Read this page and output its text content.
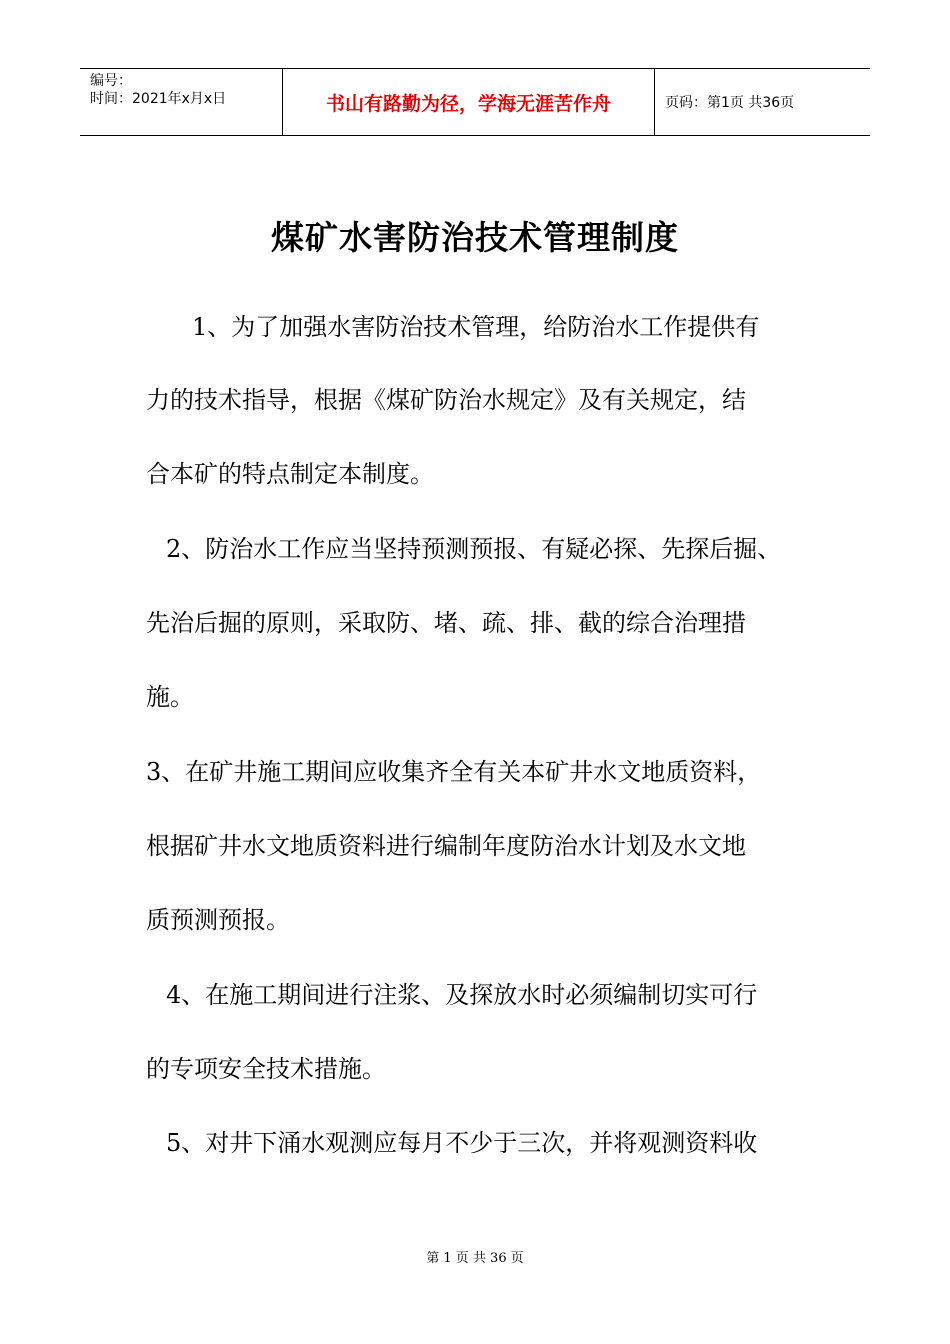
编号：
时间：2021年x月x日	书山有路勤为径，学海无涯苦作舟	页码：第1页 共36页
煤矿水害防治技术管理制度
1、为了加强水害防治技术管理，给防治水工作提供有
力的技术指导，根据《煤矿防治水规定》及有关规定，结
合本矿的特点制定本制度。
2、防治水工作应当坚持预测预报、有疑必探、先探后掘、
先治后掘的原则，采取防、堵、疏、排、截的综合治理措
施。
3、在矿井施工期间应收集齐全有关本矿井水文地质资料，
根据矿井水文地质资料进行编制年度防治水计划及水文地
质预测预报。
4、在施工期间进行注浆、及探放水时必须编制切实可行
的专项安全技术措施。
5、对井下涌水观测应每月不少于三次，并将观测资料收
第 1 页 共 36 页
